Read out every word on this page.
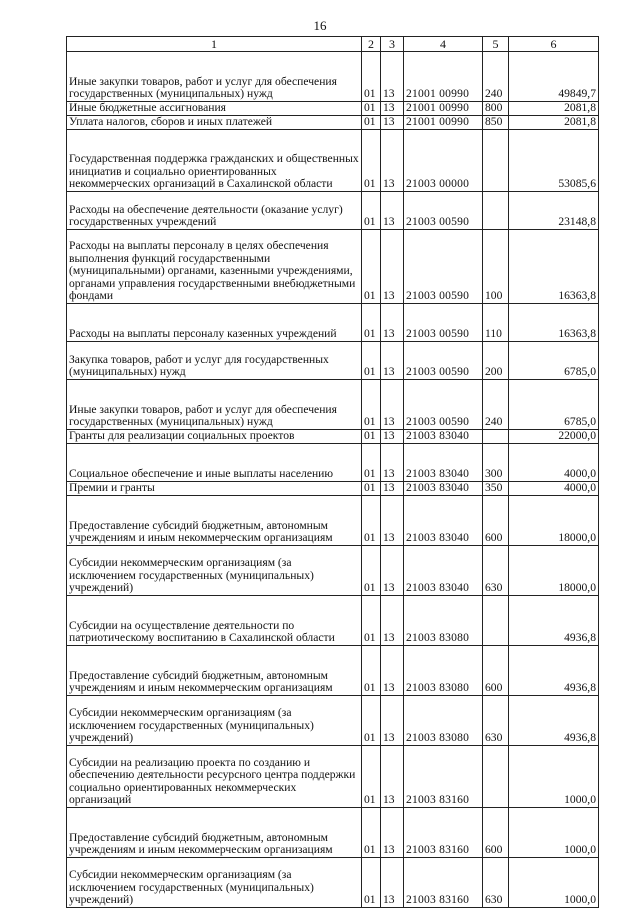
16
1	2	3	4	5	6
Иные закупки товаров, работ и услуг для обеспечения государственных (муниципальных) нужд	01	13	21001 00990	240	49849,7
Иные бюджетные ассигнования	01	13	21001 00990	800	2081,8
Уплата налогов, сборов и иных платежей	01	13	21001 00990	850	2081,8
Государственная поддержка гражданских и общественных инициатив и социально ориентированных некоммерческих организаций в Сахалинской области	01	13	21003 00000		53085,6
Расходы на обеспечение деятельности (оказание услуг) государственных учреждений	01	13	21003 00590		23148,8
Расходы на выплаты персоналу в целях обеспечения выполнения функций государственными (муниципальными) органами, казенными учреждениями, органами управления государственными внебюджетными фондами	01	13	21003 00590	100	16363,8
Расходы на выплаты персоналу казенных учреждений	01	13	21003 00590	110	16363,8
Закупка товаров, работ и услуг для государственных (муниципальных) нужд	01	13	21003 00590	200	6785,0
Иные закупки товаров, работ и услуг для обеспечения государственных (муниципальных) нужд	01	13	21003 00590	240	6785,0
Гранты для реализации социальных проектов	01	13	21003 83040		22000,0
Социальное обеспечение и иные выплаты населению	01	13	21003 83040	300	4000,0
Премии и гранты	01	13	21003 83040	350	4000,0
Предоставление субсидий бюджетным, автономным учреждениям и иным некоммерческим организациям	01	13	21003 83040	600	18000,0
Субсидии некоммерческим организациям (за исключением государственных (муниципальных) учреждений)	01	13	21003 83040	630	18000,0
Субсидии на осуществление деятельности по патриотическому воспитанию в Сахалинской области	01	13	21003 83080		4936,8
Предоставление субсидий бюджетным, автономным учреждениям и иным некоммерческим организациям	01	13	21003 83080	600	4936,8
Субсидии некоммерческим организациям (за исключением государственных (муниципальных) учреждений)	01	13	21003 83080	630	4936,8
Субсидии на реализацию проекта по созданию и обеспечению деятельности ресурсного центра поддержки социально ориентированных некоммерческих организаций	01	13	21003 83160		1000,0
Предоставление субсидий бюджетным, автономным учреждениям и иным некоммерческим организациям	01	13	21003 83160	600	1000,0
Субсидии некоммерческим организациям (за исключением государственных (муниципальных) учреждений)	01	13	21003 83160	630	1000,0
